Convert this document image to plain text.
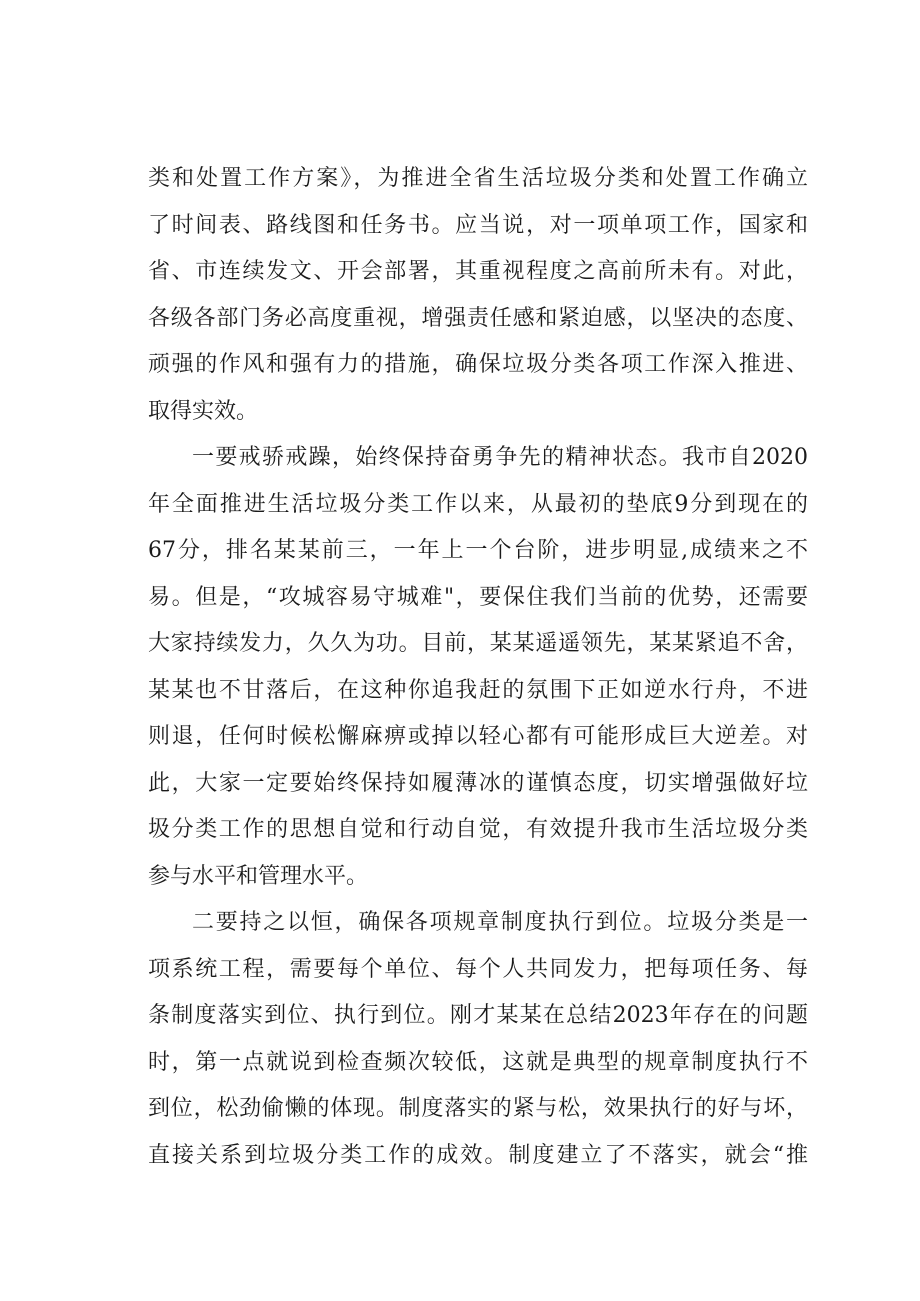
类和处置工作方案》，为推进全省生活垃圾分类和处置工作确立
了时间表、路线图和任务书。应当说，对一项单项工作，国家和
省、市连续发文、开会部署，其重视程度之高前所未有。对此，
各级各部门务必高度重视，增强责任感和紧迫感，以坚决的态度、
顽强的作风和强有力的措施，确保垃圾分类各项工作深入推进、
取得实效。
一要戒骄戒躁，始终保持奋勇争先的精神状态。我市自2020
年全面推进生活垃圾分类工作以来，从最初的垫底9分到现在的
67分，排名某某前三，一年上一个台阶，进步明显,成绩来之不
易。但是，“攻城容易守城难"，要保住我们当前的优势，还需要
大家持续发力，久久为功。目前，某某遥遥领先，某某紧追不舍，
某某也不甘落后，在这种你追我赶的氛围下正如逆水行舟，不进
则退，任何时候松懈麻痹或掉以轻心都有可能形成巨大逆差。对
此，大家一定要始终保持如履薄冰的谨慎态度，切实增强做好垃
圾分类工作的思想自觉和行动自觉，有效提升我市生活垃圾分类
参与水平和管理水平。
二要持之以恒，确保各项规章制度执行到位。垃圾分类是一
项系统工程，需要每个单位、每个人共同发力，把每项任务、每
条制度落实到位、执行到位。刚才某某在总结2023年存在的问题
时，第一点就说到检查频次较低，这就是典型的规章制度执行不
到位，松劲偷懒的体现。制度落实的紧与松，效果执行的好与坏，
直接关系到垃圾分类工作的成效。制度建立了不落实，就会“推
